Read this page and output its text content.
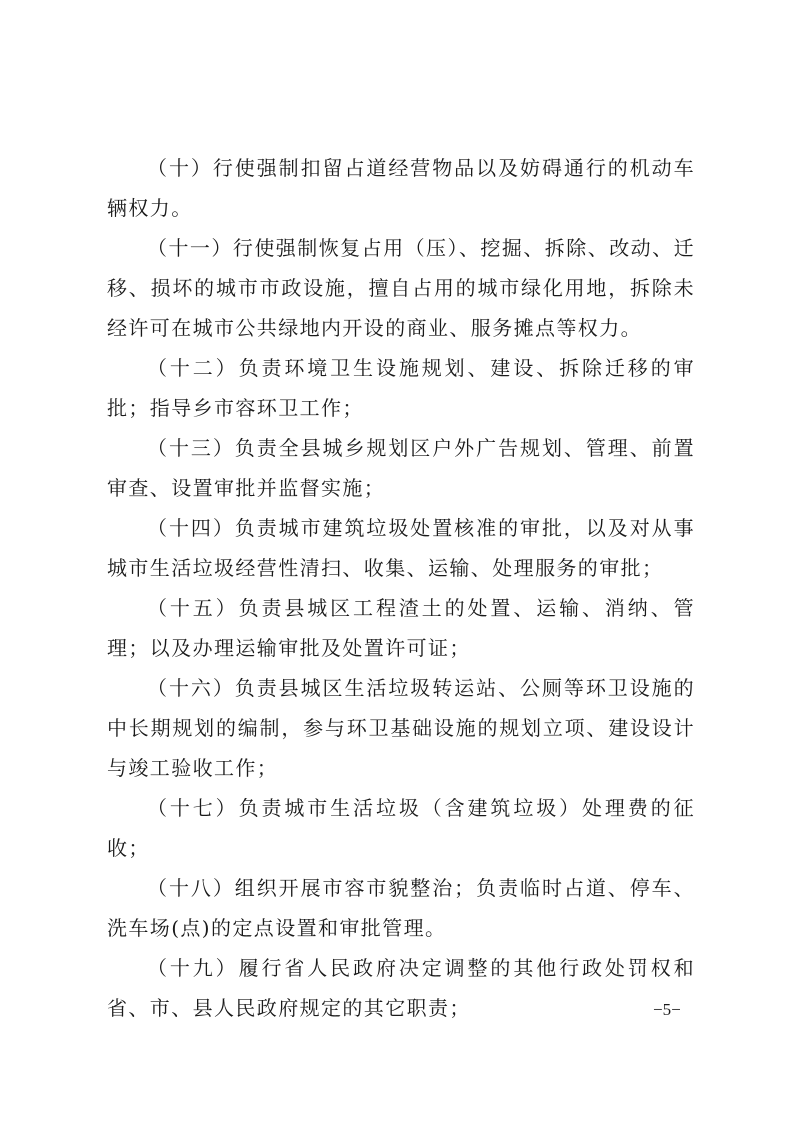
（十）行使强制扣留占道经营物品以及妨碍通行的机动车辆权力。

（十一）行使强制恢复占用（压）、挖掘、拆除、改动、迁移、损坏的城市市政设施，擅自占用的城市绿化用地，拆除未经许可在城市公共绿地内开设的商业、服务摊点等权力。

（十二）负责环境卫生设施规划、建设、拆除迁移的审批；指导乡市容环卫工作；

（十三）负责全县城乡规划区户外广告规划、管理、前置审查、设置审批并监督实施；

（十四）负责城市建筑垃圾处置核准的审批，以及对从事城市生活垃圾经营性清扫、收集、运输、处理服务的审批；

（十五）负责县城区工程渣土的处置、运输、消纳、管理；以及办理运输审批及处置许可证；

（十六）负责县城区生活垃圾转运站、公厕等环卫设施的中长期规划的编制，参与环卫基础设施的规划立项、建设设计与竣工验收工作；

（十七）负责城市生活垃圾（含建筑垃圾）处理费的征收；

（十八）组织开展市容市貌整治；负责临时占道、停车、洗车场(点)的定点设置和审批管理。

（十九）履行省人民政府决定调整的其他行政处罚权和省、市、县人民政府规定的其它职责；	−5−
